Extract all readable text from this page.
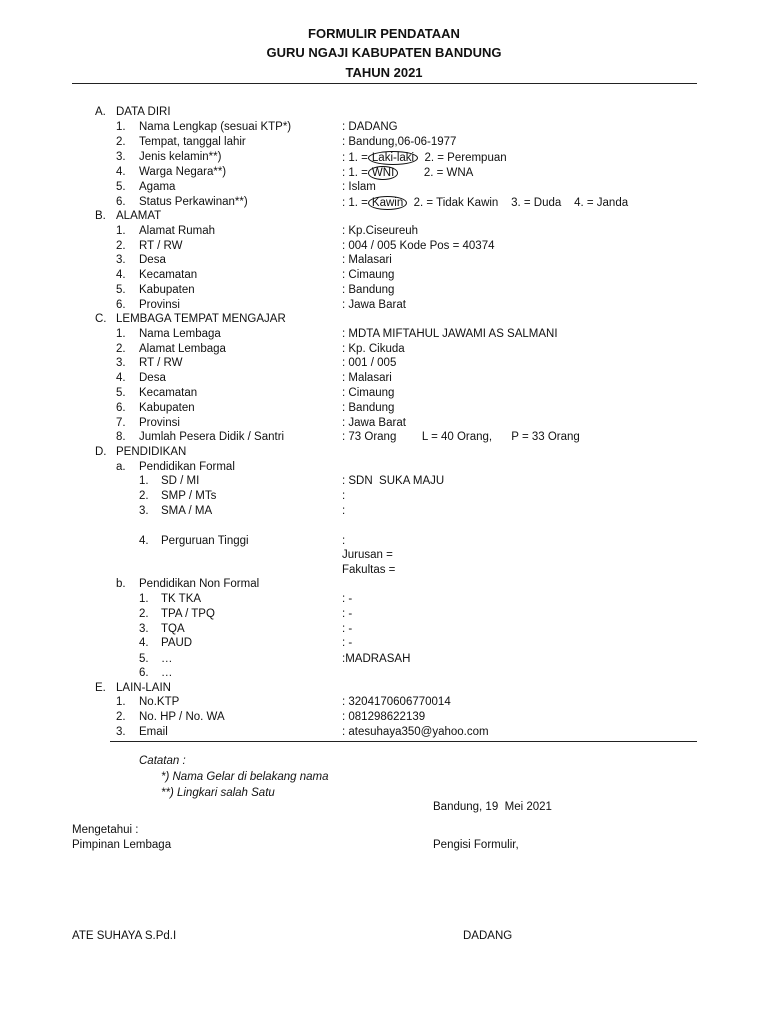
FORMULIR PENDATAAN
GURU NGAJI KABUPATEN BANDUNG
TAHUN 2021
A. DATA DIRI
1. Nama Lengkap (sesuai KTP*)	: DADANG
2. Tempat, tanggal lahir	: Bandung,06-06-1977
3. Jenis kelamin**)	: 1. = Laki-laki  2. = Perempuan
4. Warga Negara**)	: 1. = WNI        2. = WNA
5. Agama	: Islam
6. Status Perkawinan**)	: 1. = Kawin  2. = Tidak Kawin    3. = Duda    4. = Janda
B. ALAMAT
1. Alamat Rumah	: Kp.Ciseureuh
2. RT / RW	: 004 / 005 Kode Pos = 40374
3. Desa	: Malasari
4. Kecamatan	: Cimaung
5. Kabupaten	: Bandung
6. Provinsi	: Jawa Barat
C. LEMBAGA TEMPAT MENGAJAR
1. Nama Lembaga	: MDTA MIFTAHUL JAWAMI AS SALMANI
2. Alamat Lembaga	: Kp. Cikuda
3. RT / RW	: 001 / 005
4. Desa	: Malasari
5. Kecamatan	: Cimaung
6. Kabupaten	: Bandung
7. Provinsi	: Jawa Barat
8. Jumlah Pesera Didik / Santri	: 73 Orang        L = 40 Orang,      P = 33 Orang
D. PENDIDIKAN
a. Pendidikan Formal
1. SD / MI	: SDN  SUKA MAJU
2. SMP / MTs	:
3. SMA / MA	:
4. Perguruan Tinggi	:
Jurusan =
Fakultas =
b. Pendidikan Non Formal
1. TK TKA	: -
2. TPA / TPQ	: -
3. TQA	: -
4. PAUD	: -
5. …	:MADRASAH
6. …
E. LAIN-LAIN
1. No.KTP	: 3204170606770014
2. No. HP / No. WA	: 081298622139
3. Email	: atesuhaya350@yahoo.com
Catatan :
*) Nama Gelar di belakang nama
**) Lingkari salah Satu
Bandung, 19  Mei 2021
Mengetahui :
Pimpinan Lembaga	Pengisi Formulir,
ATE SUHAYA S.Pd.I	DADANG
